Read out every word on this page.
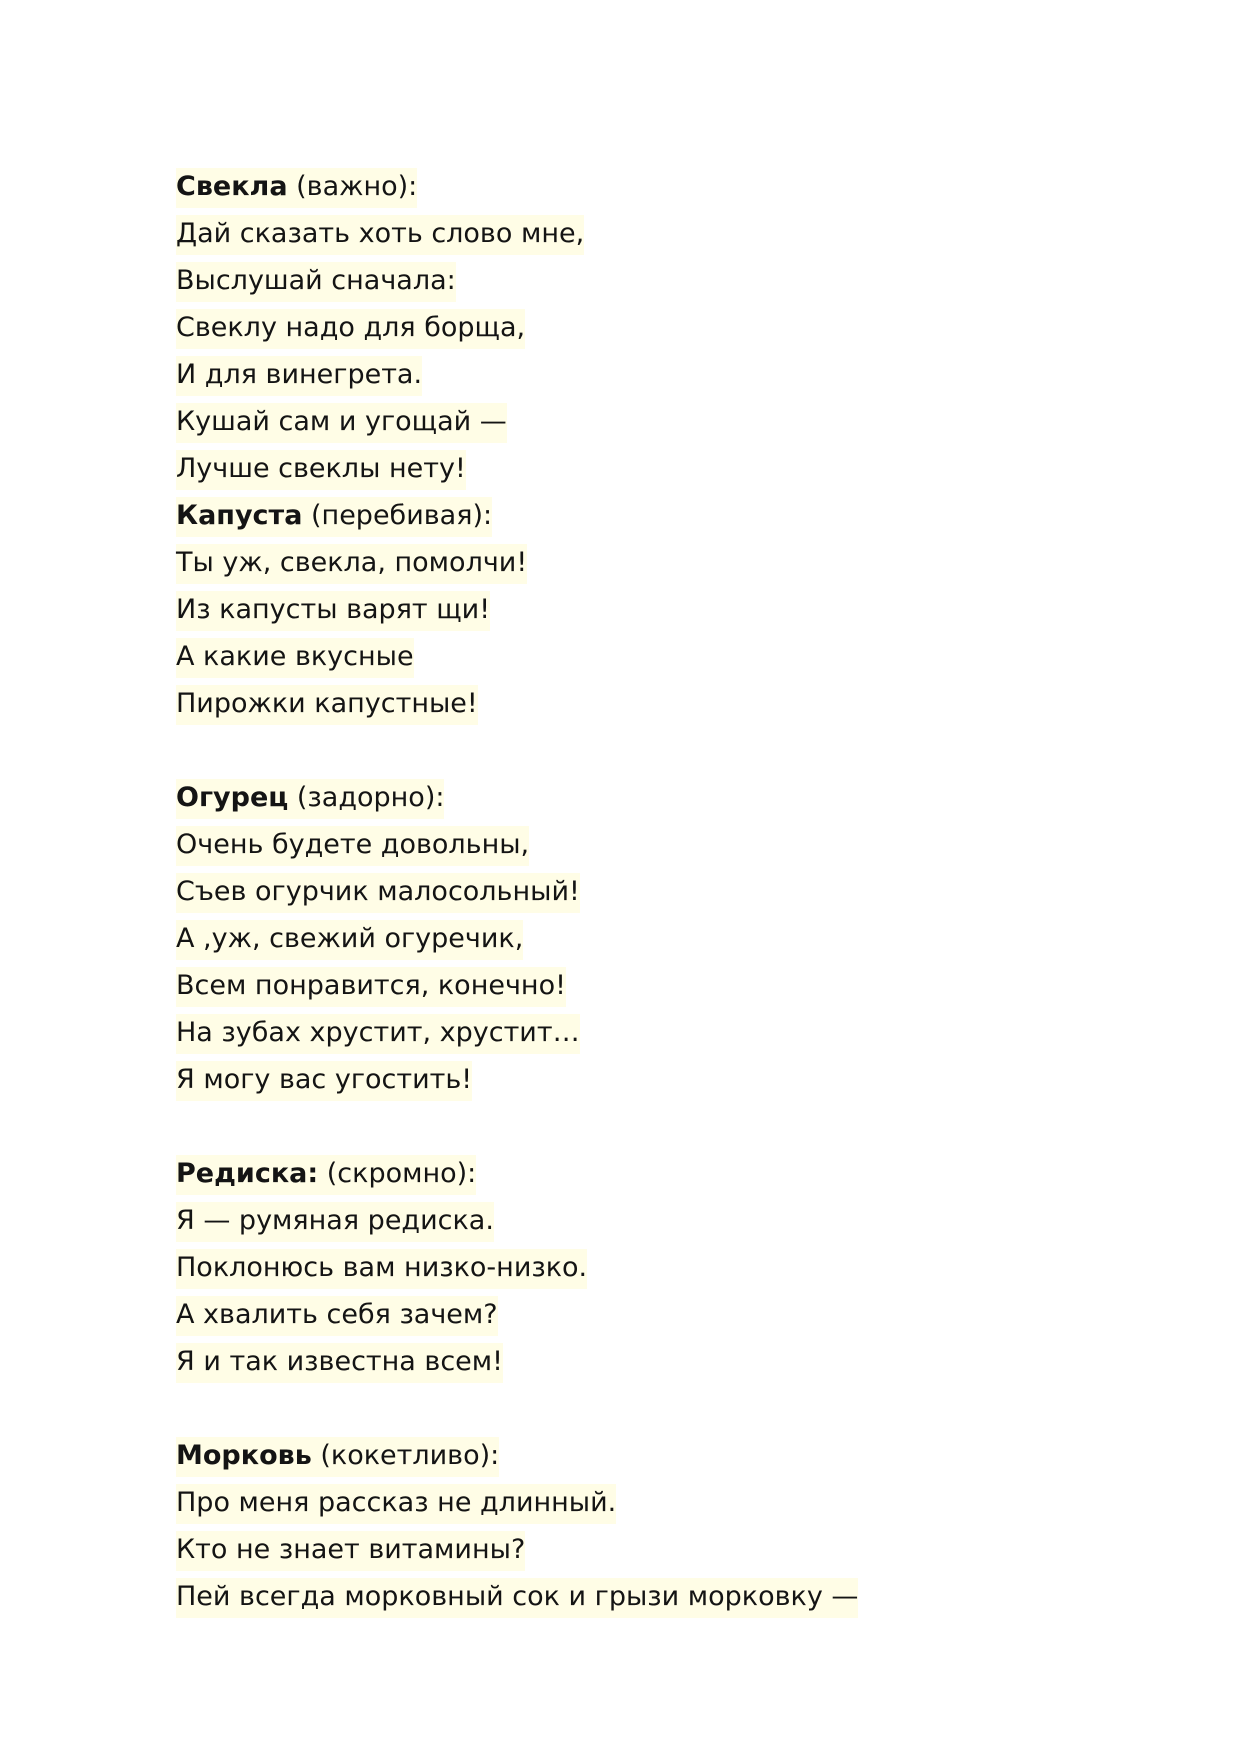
Свекла (важно):
Дай сказать хоть слово мне,
Выслушай сначала:
Свеклу надо для борща,
И для винегрета.
Кушай сам и угощай —
Лучше свеклы нету!
Капуста (перебивая):
Ты уж, свекла, помолчи!
Из капусты варят щи!
А какие вкусные
Пирожки капустные!
Огурец (задорно):
Очень будете довольны,
Съев огурчик малосольный!
А ,уж, свежий огуречик,
Всем понравится, конечно!
На зубах хрустит, хрустит…
Я могу вас угостить!
Редиска: (скромно):
Я — румяная редиска.
Поклонюсь вам низко-низко.
А хвалить себя зачем?
Я и так известна всем!
Морковь (кокетливо):
Про меня рассказ не длинный.
Кто не знает витамины?
Пей всегда морковный сок и грызи морковку —
